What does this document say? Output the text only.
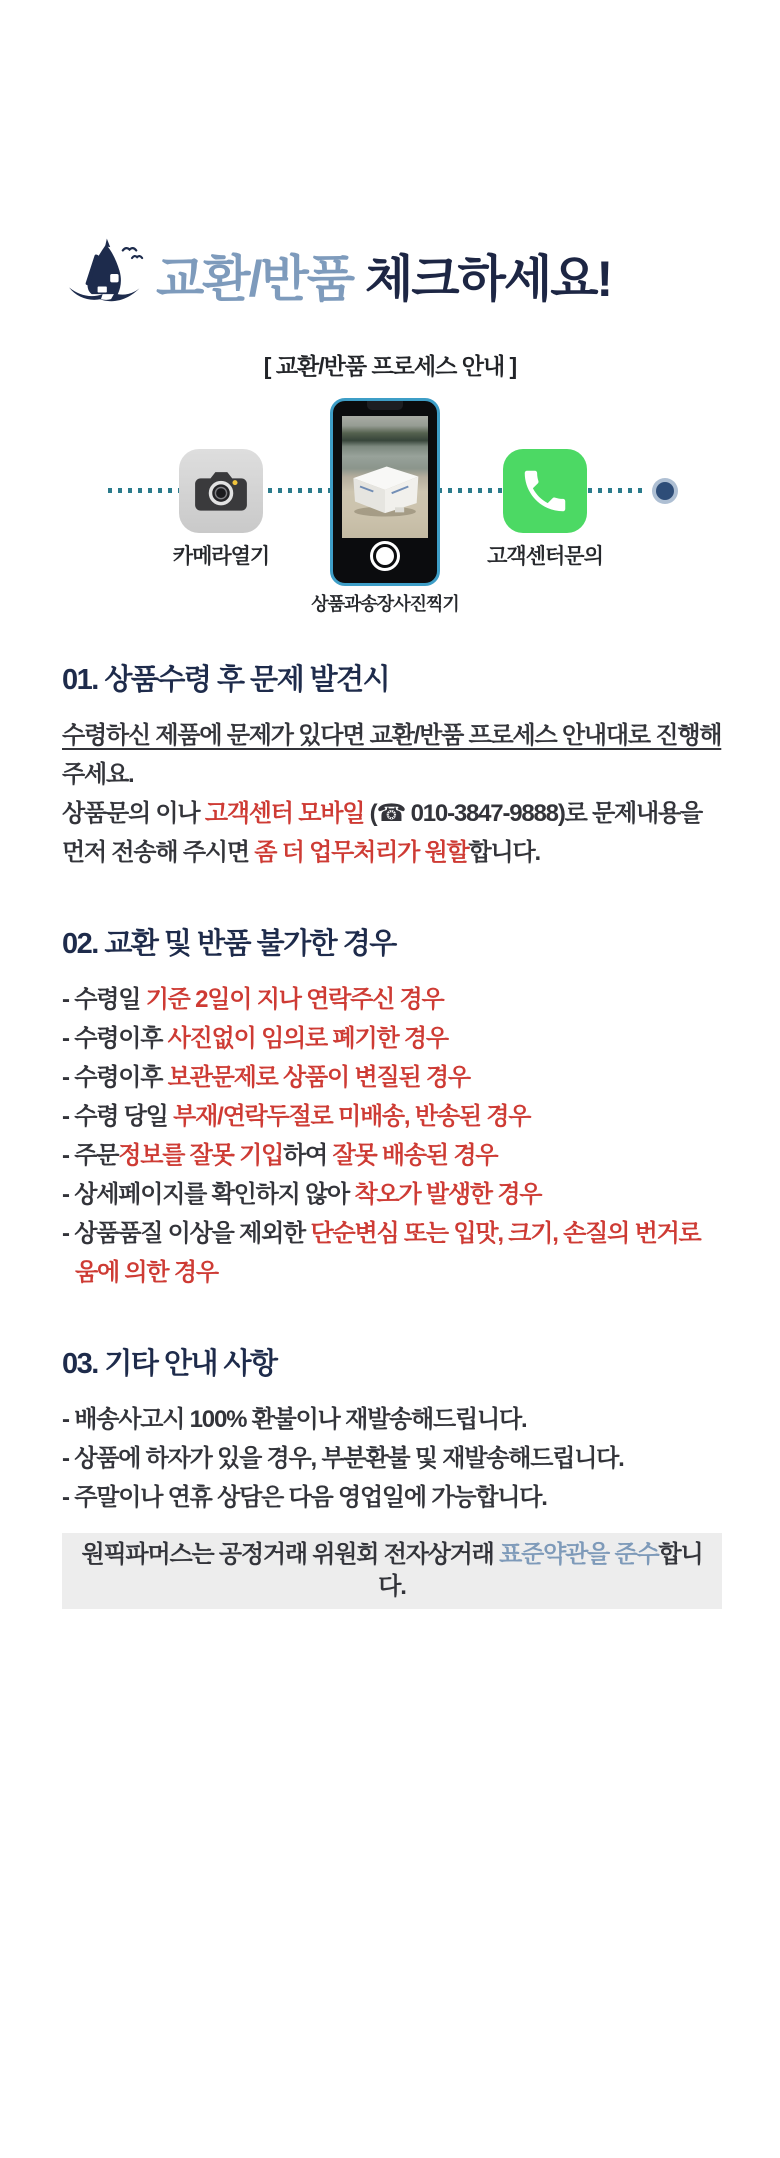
교환/반품 체크하세요!
[ 교환/반품 프로세스 안내 ]
카메라열기
상품과송장사진찍기
고객센터문의
01. 상품수령 후 문제 발견시

수령하신 제품에 문제가 있다면 교환/반품 프로세스 안내대로 진행해

주세요.

상품문의 이나 고객센터 모바일 (☎ 010-3847-9888)로 문제내용을

먼저 전송해 주시면 좀 더 업무처리가 원할합니다.

02. 교환 및 반품 불가한 경우

- 수령일 기준 2일이 지나 연락주신 경우

- 수령이후 사진없이 임의로 폐기한 경우

- 수령이후 보관문제로 상품이 변질된 경우

- 수령 당일 부재/연락두절로 미배송, 반송된 경우

- 주문정보를 잘못 기입하여 잘못 배송된 경우

- 상세페이지를 확인하지 않아 착오가 발생한 경우

- 상품품질 이상을 제외한 단순변심 또는 입맛, 크기, 손질의 번거로움에 의한 경우

03. 기타 안내 사항

- 배송사고시 100% 환불이나 재발송해드립니다.

- 상품에 하자가 있을 경우, 부분환불 및 재발송해드립니다.

- 주말이나 연휴 상담은 다음 영업일에 가능합니다.

원픽파머스는 공정거래 위원회 전자상거래 표준약관을 준수합니다.
